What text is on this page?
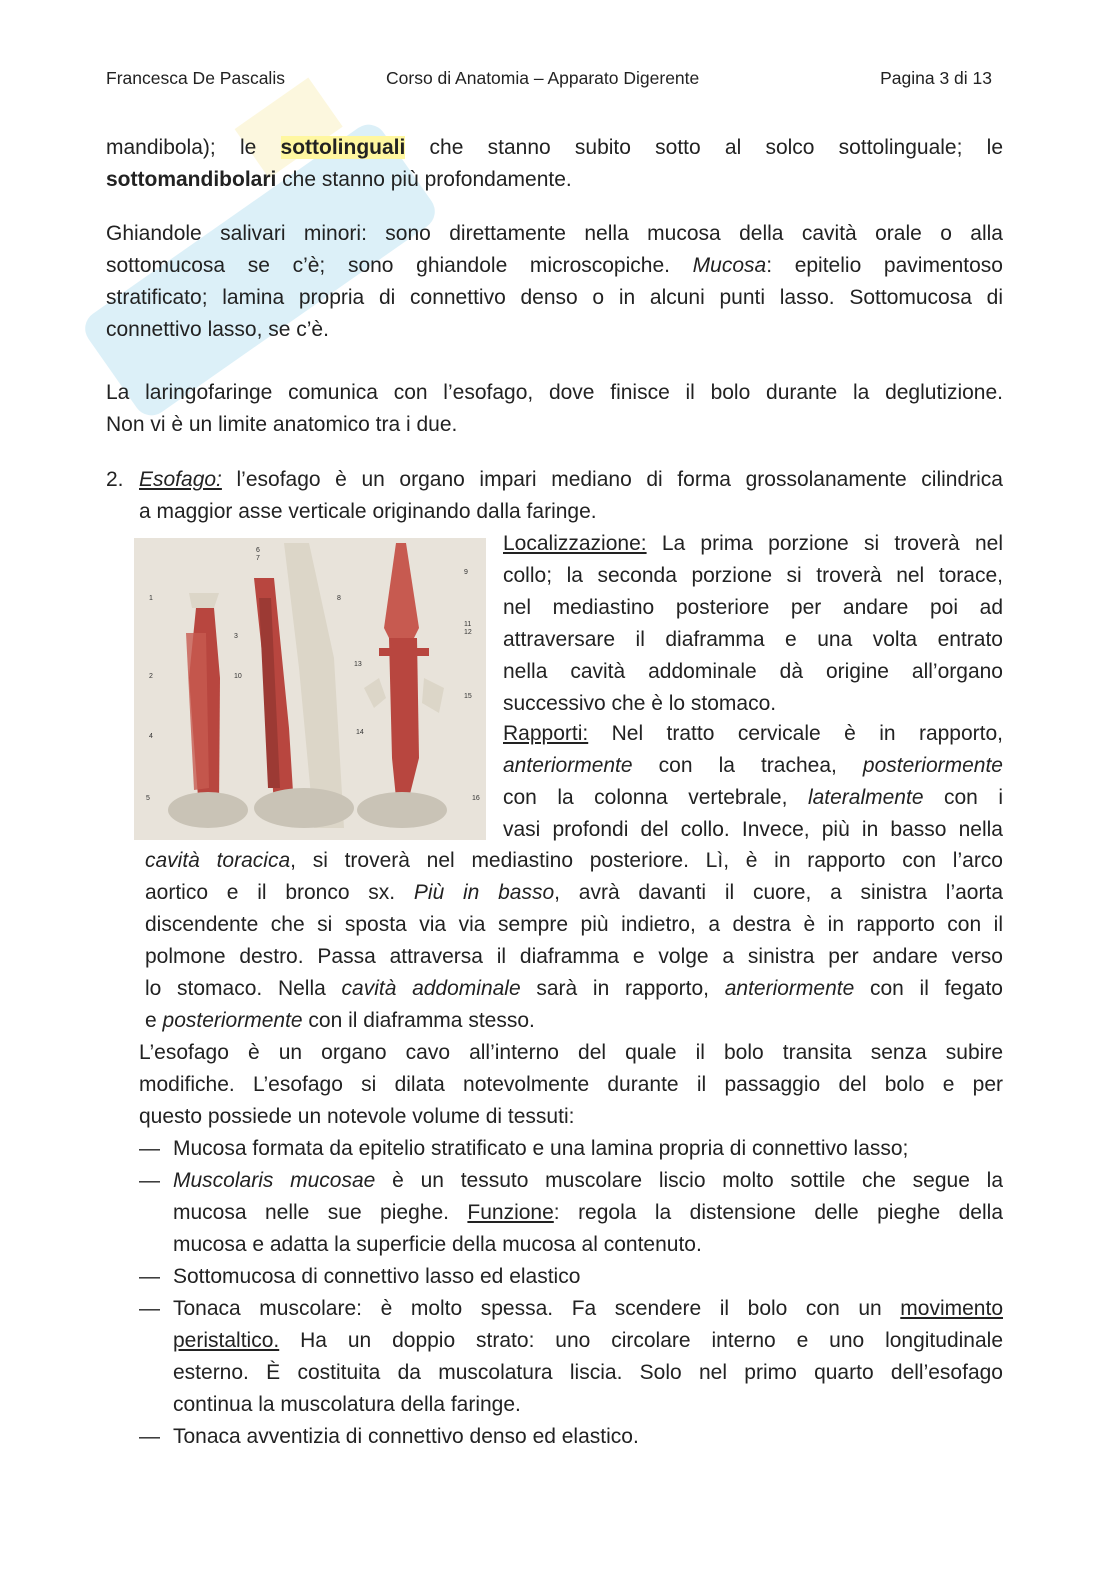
Francesca De Pascalis	Corso di Anatomia – Apparato Digerente	Pagina 3 di 13
mandibola); le sottolinguali che stanno subito sotto al solco sottolinguale; le
sottomandibolari che stanno più profondamente.
Ghiandole salivari minori: sono direttamente nella mucosa della cavità orale o alla
sottomucosa se c’è; sono ghiandole microscopiche. Mucosa: epitelio pavimentoso
stratificato; lamina propria di connettivo denso o in alcuni punti lasso. Sottomucosa di
connettivo lasso, se c’è.
La laringofaringe comunica con l’esofago, dove finisce il bolo durante la deglutizione.
Non vi è un limite anatomico tra i due.
2. Esofago: l’esofago è un organo impari mediano di forma grossolanamente cilindrica
a maggior asse verticale originando dalla faringe.
1
2
3
4
5
6
7
8
9
10
11
12
13
14
15
16
Localizzazione: La prima porzione si troverà nel
collo; la seconda porzione si troverà nel torace,
nel mediastino posteriore per andare poi ad
attraversare il diaframma e una volta entrato
nella cavità addominale dà origine all’organo
successivo che è lo stomaco.
Rapporti: Nel tratto cervicale è in rapporto,
anteriormente con la trachea, posteriormente
con la colonna vertebrale, lateralmente con i
vasi profondi del collo. Invece, più in basso nella
cavità toracica, si troverà nel mediastino posteriore. Lì, è in rapporto con l’arco
aortico e il bronco sx. Più in basso, avrà davanti il cuore, a sinistra l’aorta
discendente che si sposta via via sempre più indietro, a destra è in rapporto con il
polmone destro. Passa attraversa il diaframma e volge a sinistra per andare verso
lo stomaco. Nella cavità addominale sarà in rapporto, anteriormente con il fegato
e posteriormente con il diaframma stesso.
L’esofago è un organo cavo all’interno del quale il bolo transita senza subire
modifiche. L’esofago si dilata notevolmente durante il passaggio del bolo e per
questo possiede un notevole volume di tessuti:
— Mucosa formata da epitelio stratificato e una lamina propria di connettivo lasso;
— Muscolaris mucosae è un tessuto muscolare liscio molto sottile che segue la
mucosa nelle sue pieghe. Funzione: regola la distensione delle pieghe della
mucosa e adatta la superficie della mucosa al contenuto.
— Sottomucosa di connettivo lasso ed elastico
— Tonaca muscolare: è molto spessa. Fa scendere il bolo con un movimento
peristaltico. Ha un doppio strato: uno circolare interno e uno longitudinale
esterno. È costituita da muscolatura liscia. Solo nel primo quarto dell’esofago
continua la muscolatura della faringe.
— Tonaca avventizia di connettivo denso ed elastico.
